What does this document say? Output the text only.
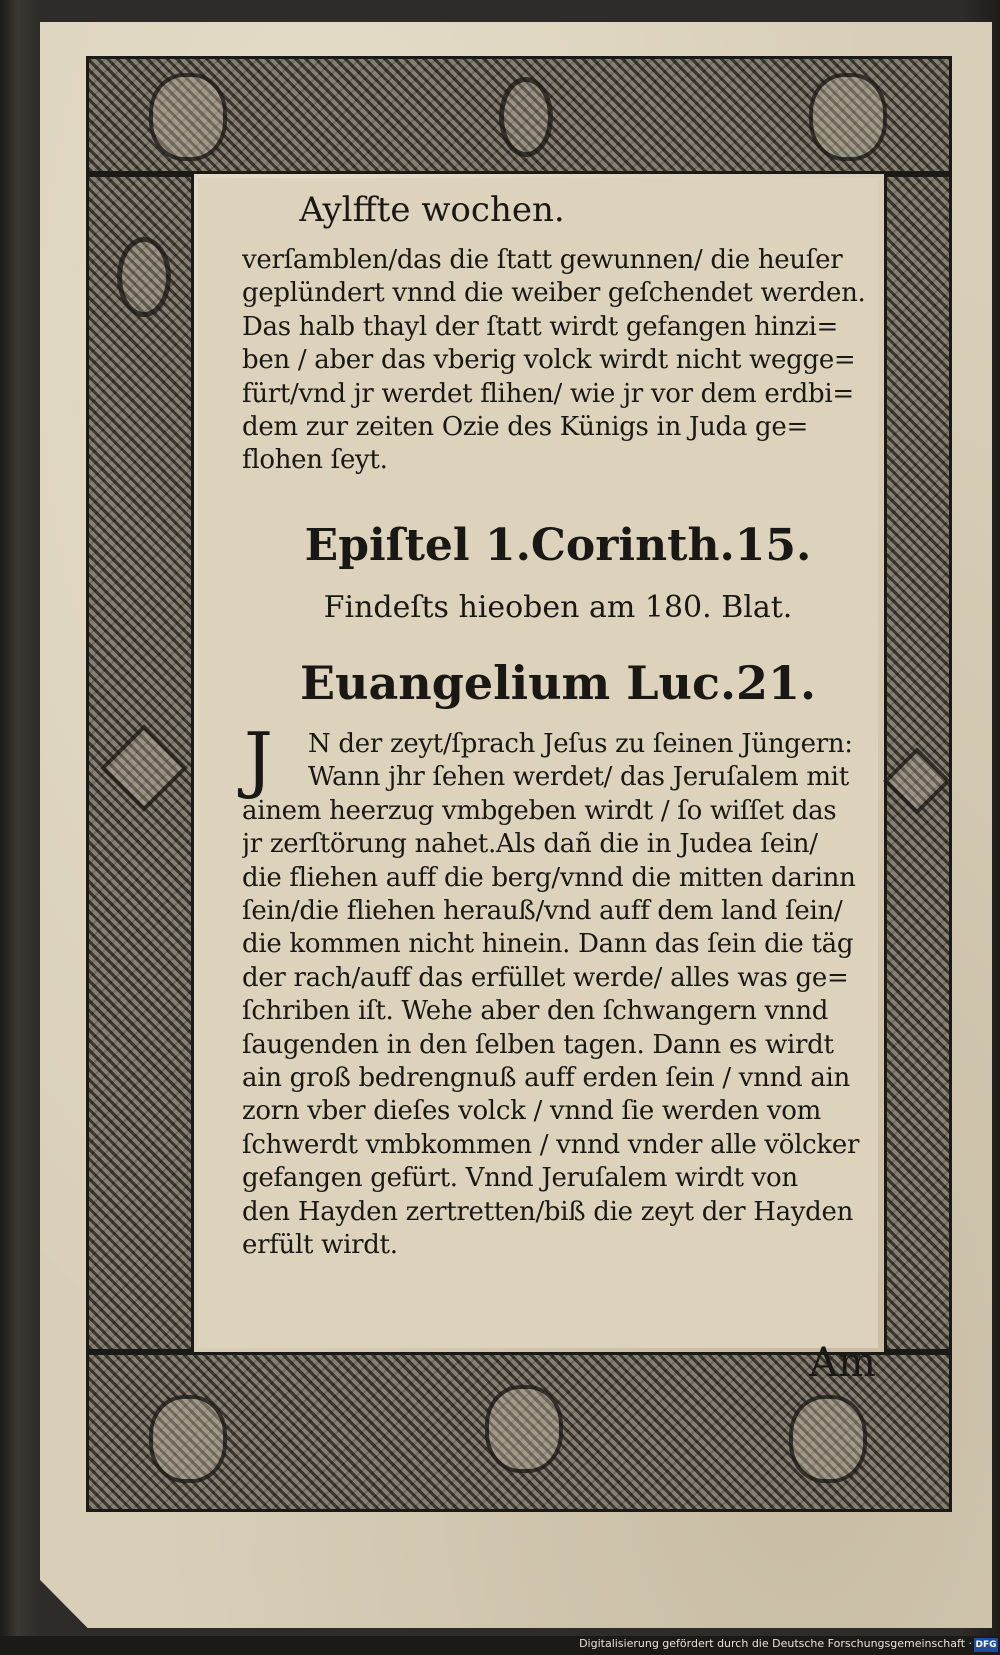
Aylffte wochen.
verſamblen/das die ſtatt gewunnen/ die heuſer
geplündert vnnd die weiber geſchendet werden.
Das halb thayl der ſtatt wirdt gefangen hinzi=
ben / aber das vberig volck wirdt nicht wegge=
fürt/vnd jr werdet flihen/ wie jr vor dem erdbi=
dem zur zeiten Ozie des Künigs in Juda ge=
flohen ſeyt.
Epiſtel 1.Corinth.15.
Findeſts hieoben am 180. Blat.
Euangelium Luc.21.
J	N der zeyt/ſprach Jeſus zu ſeinen Jüngern:
Wann jhr ſehen werdet/ das Jeruſalem mit
ainem heerzug vmbgeben wirdt / ſo wiſſet das
jr zerſtörung nahet.Als dañ die in Judea ſein/
die fliehen auff die berg/vnnd die mitten darinn
ſein/die fliehen herauß/vnd auff dem land ſein/
die kommen nicht hinein. Dann das ſein die täg
der rach/auff das erfüllet werde/ alles was ge=
ſchriben iſt. Wehe aber den ſchwangern vnnd
ſaugenden in den ſelben tagen. Dann es wirdt
ain groß bedrengnuß auff erden ſein / vnnd ain
zorn vber dieſes volck / vnnd ſie werden vom
ſchwerdt vmbkommen / vnnd vnder alle völcker
gefangen gefürt. Vnnd Jeruſalem wirdt von
den Hayden zertretten/biß die zeyt der Hayden
erfült wirdt.
Am
Digitalisierung gefördert durch die Deutsche Forschungsgemeinschaft · DFG
